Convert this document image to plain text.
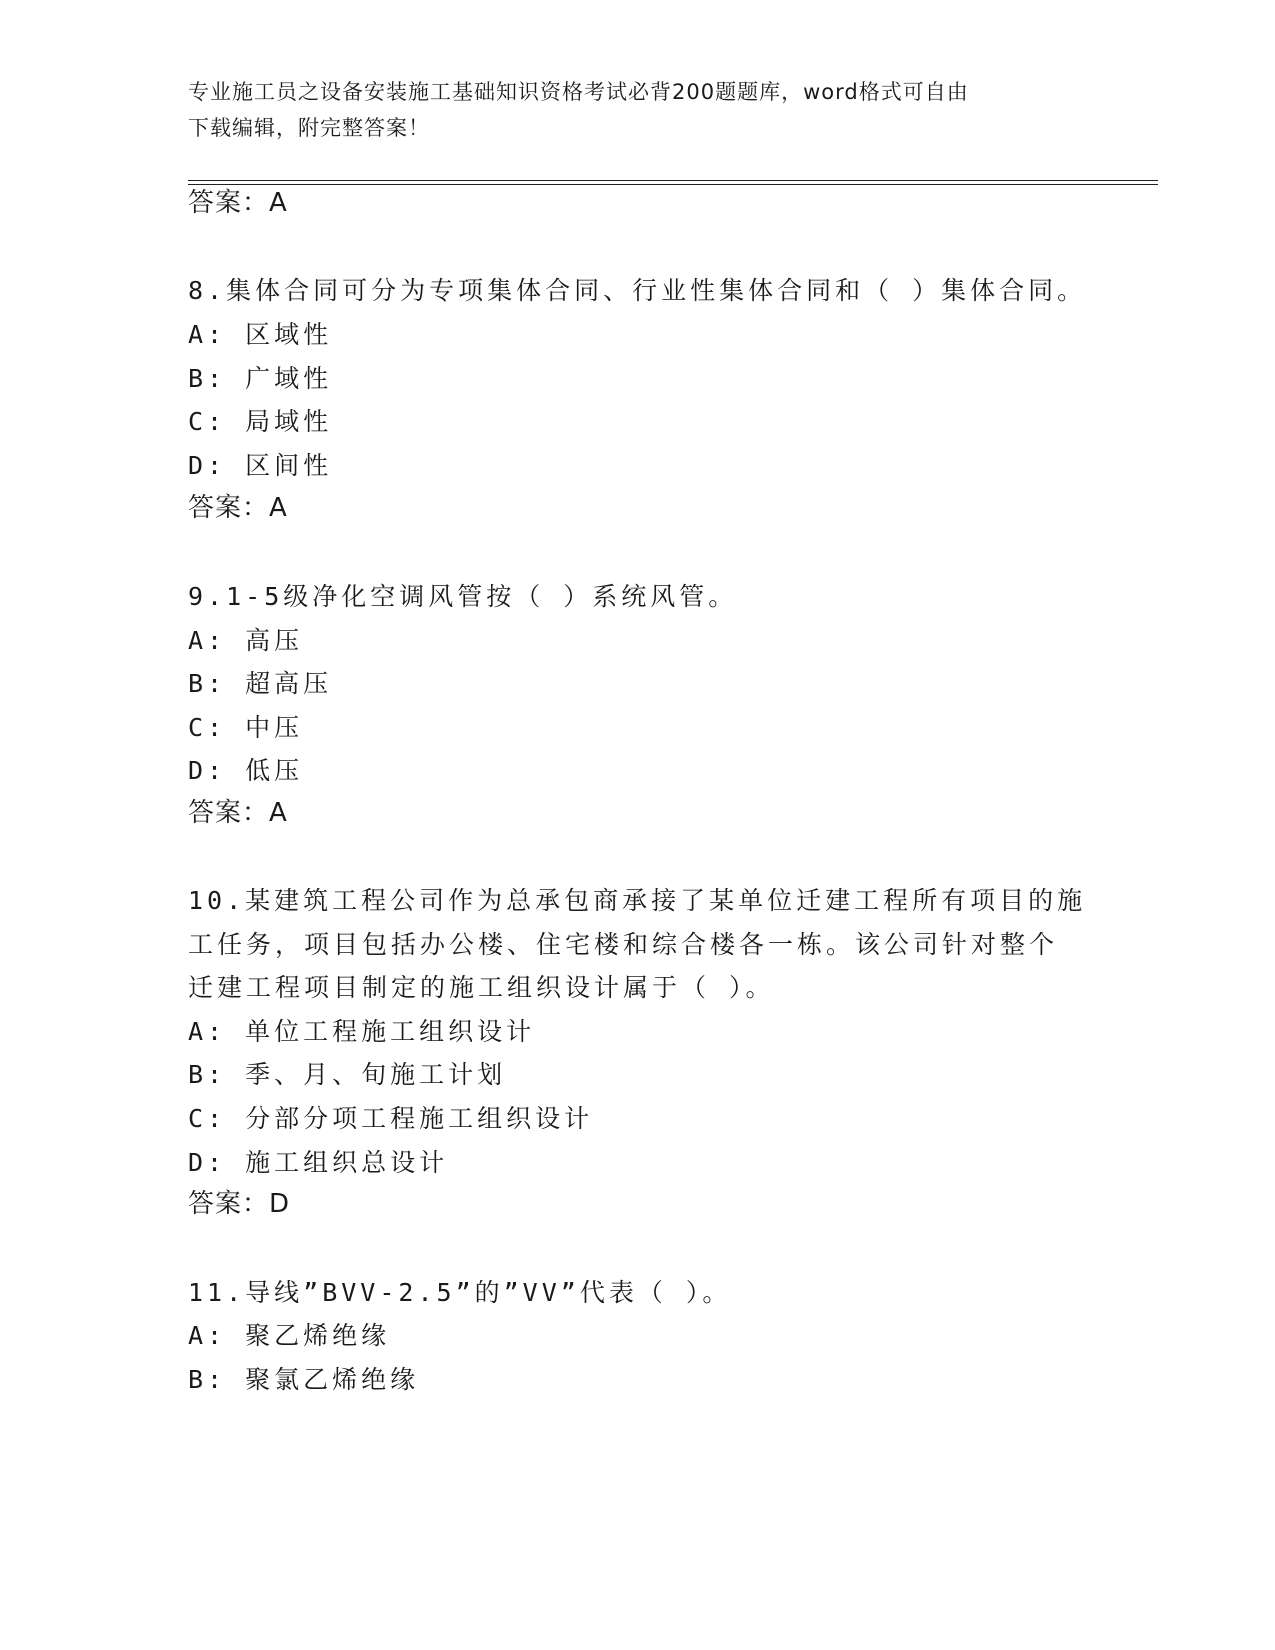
专业施工员之设备安装施工基础知识资格考试必背200题题库，word格式可自由
下载编辑，附完整答案！
答案：A
8.集体合同可分为专项集体合同、行业性集体合同和（ ）集体合同。
A: 区域性
B: 广域性
C: 局域性
D: 区间性
答案：A
9.1-5级净化空调风管按（ ）系统风管。
A: 高压
B: 超高压
C: 中压
D: 低压
答案：A
10.某建筑工程公司作为总承包商承接了某单位迁建工程所有项目的施
工任务，项目包括办公楼、住宅楼和综合楼各一栋。该公司针对整个
迁建工程项目制定的施工组织设计属于（ ）。
A: 单位工程施工组织设计
B: 季、月、旬施工计划
C: 分部分项工程施工组织设计
D: 施工组织总设计
答案：D
11.导线”BVV-2.5”的”VV”代表（ ）。
A: 聚乙烯绝缘
B: 聚氯乙烯绝缘
